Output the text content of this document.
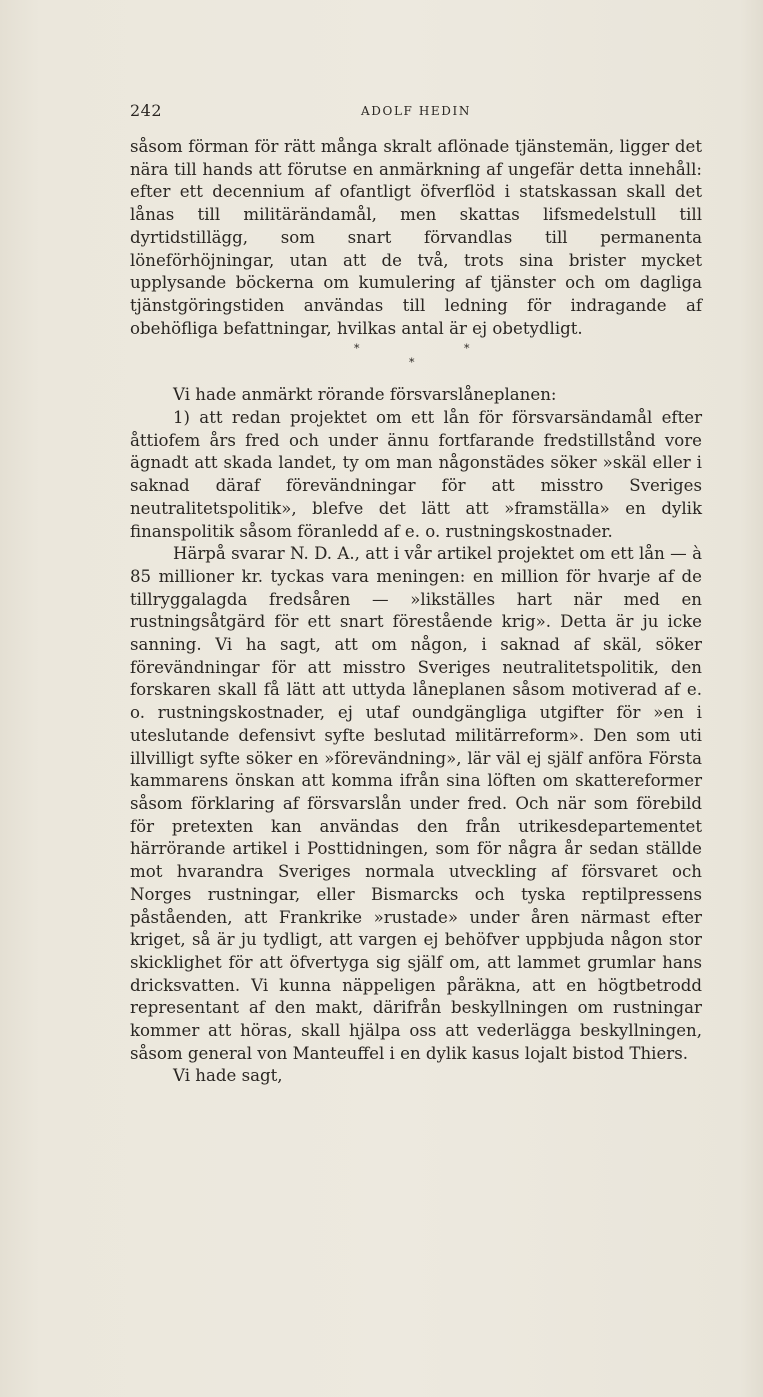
242	ADOLF HEDIN

såsom förman för rätt många skralt aflönade tjänstemän, ligger det nära till hands att förutse en anmärkning af ungefär detta innehåll: efter ett decennium af ofantligt öfverflöd i statskassan skall det lånas till militärändamål, men skattas lifsmedelstull till dyrtidstillägg, som snart förvandlas till permanenta löneförhöjningar, utan att de två, trots sina brister mycket upplysande böckerna om kumulering af tjänster och om dagliga tjänstgöringstiden användas till ledning för indragande af obehöfliga befattningar, hvilkas antal är ej obetydligt.

*	*
*

Vi hade anmärkt rörande försvarslåneplanen:

1) att redan projektet om ett lån för försvarsändamål efter åttiofem års fred och under ännu fortfarande fredstillstånd vore ägnadt att skada landet, ty om man någonstädes söker »skäl eller i saknad däraf förevändningar för att misstro Sveriges neutralitetspolitik», blefve det lätt att »framställa» en dylik finanspolitik såsom föranledd af e. o. rustningskostnader.

Härpå svarar N. D. A., att i vår artikel projektet om ett lån — à 85 millioner kr. tyckas vara meningen: en million för hvarje af de tillryggalagda fredsåren — »likställes hart när med en rustningsåtgärd för ett snart förestående krig». Detta är ju icke sanning. Vi ha sagt, att om någon, i saknad af skäl, söker förevändningar för att misstro Sveriges neutralitetspolitik, den forskaren skall få lätt att uttyda låneplanen såsom motiverad af e. o. rustningskostnader, ej utaf oundgängliga utgifter för »en i uteslutande defensivt syfte beslutad militärreform». Den som uti illvilligt syfte söker en »förevändning», lär väl ej själf anföra Första kammarens önskan att komma ifrån sina löften om skattereformer såsom förklaring af försvarslån under fred. Och när som förebild för pretexten kan användas den från utrikesdepartementet härrörande artikel i Posttidningen, som för några år sedan ställde mot hvarandra Sveriges normala utveckling af försvaret och Norges rustningar, eller Bismarcks och tyska reptilpressens påståenden, att Frankrike »rustade» under åren närmast efter kriget, så är ju tydligt, att vargen ej behöfver uppbjuda någon stor skicklighet för att öfvertyga sig själf om, att lammet grumlar hans dricksvatten. Vi kunna näppeligen påräkna, att en högtbetrodd representant af den makt, därifrån beskyllningen om rustningar kommer att höras, skall hjälpa oss att vederlägga beskyllningen, såsom general von Manteuffel i en dylik kasus lojalt bistod Thiers.

Vi hade sagt,
